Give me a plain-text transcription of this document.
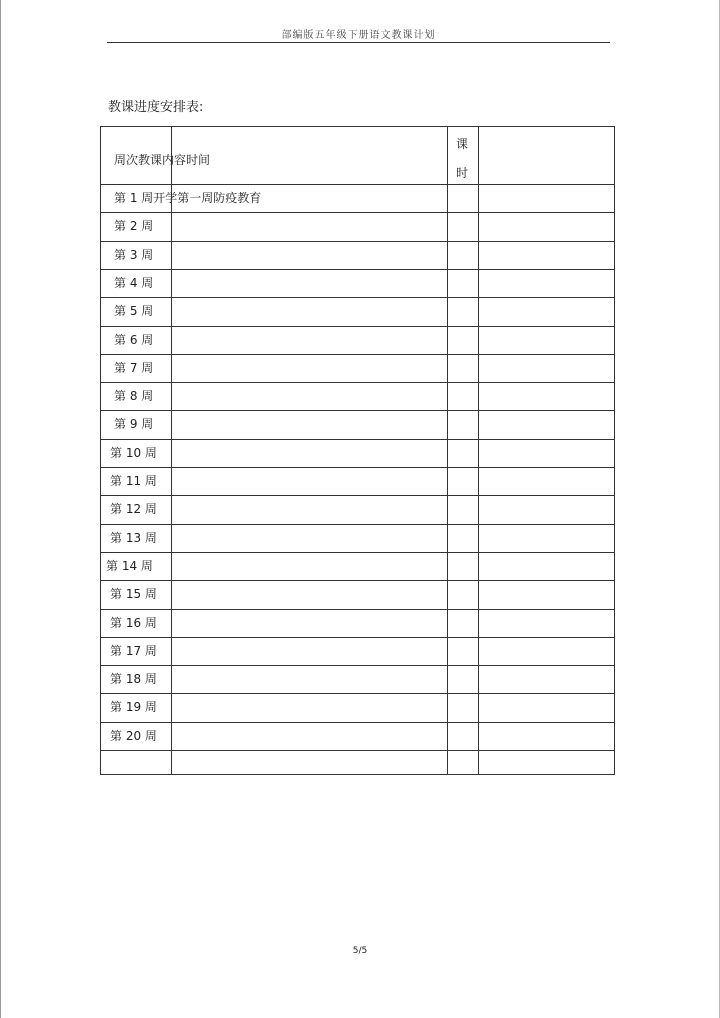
部编版五年级下册语文教课计划
教课进度安排表:
周次教课内容时间
课
时
第 1 周开学第一周防疫教育
第 2 周
第 3 周
第 4 周
第 5 周
第 6 周
第 7 周
第 8 周
第 9 周
第 10 周
第 11 周
第 12 周
第 13 周
第 14 周
第 15 周
第 16 周
第 17 周
第 18 周
第 19 周
第 20 周
5/5
